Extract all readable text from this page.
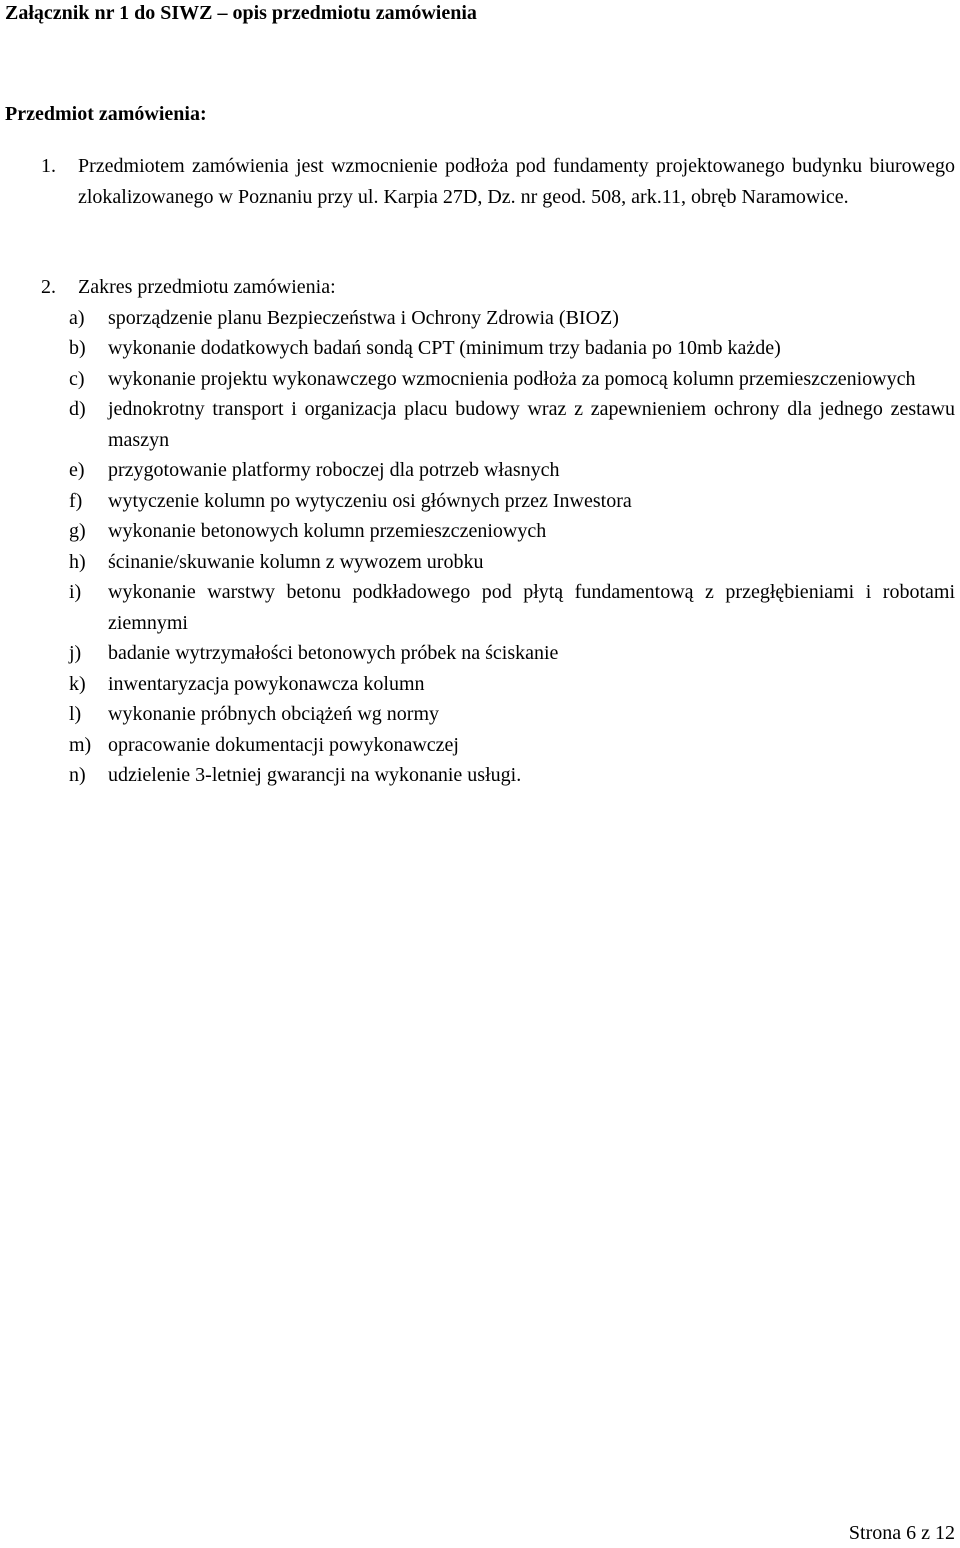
Załącznik nr 1 do SIWZ – opis przedmiotu zamówienia
Przedmiot zamówienia:
1.	Przedmiotem zamówienia jest wzmocnienie podłoża pod fundamenty projektowanego budynku biurowego zlokalizowanego w Poznaniu przy ul. Karpia 27D, Dz. nr geod. 508, ark.11, obręb Naramowice.
2.	Zakres przedmiotu zamówienia:
a)	sporządzenie planu Bezpieczeństwa i Ochrony Zdrowia (BIOZ)
b)	wykonanie dodatkowych badań sondą CPT (minimum trzy badania po 10mb każde)
c)	wykonanie projektu wykonawczego wzmocnienia podłoża za pomocą kolumn przemieszczeniowych
d)	jednokrotny transport i organizacja placu budowy wraz z zapewnieniem ochrony dla jednego zestawu maszyn
e)	przygotowanie platformy roboczej dla potrzeb własnych
f)	wytyczenie kolumn po wytyczeniu osi głównych przez Inwestora
g)	wykonanie betonowych kolumn przemieszczeniowych
h)	ścinanie/skuwanie kolumn z wywozem urobku
i)	wykonanie warstwy betonu podkładowego pod płytą fundamentową z przegłębieniami i robotami ziemnymi
j)	badanie wytrzymałości betonowych próbek na ściskanie
k)	inwentaryzacja powykonawcza kolumn
l)	wykonanie próbnych obciążeń wg normy
m) opracowanie dokumentacji powykonawczej
n)	udzielenie 3-letniej gwarancji na wykonanie usługi.
Strona 6 z 12
